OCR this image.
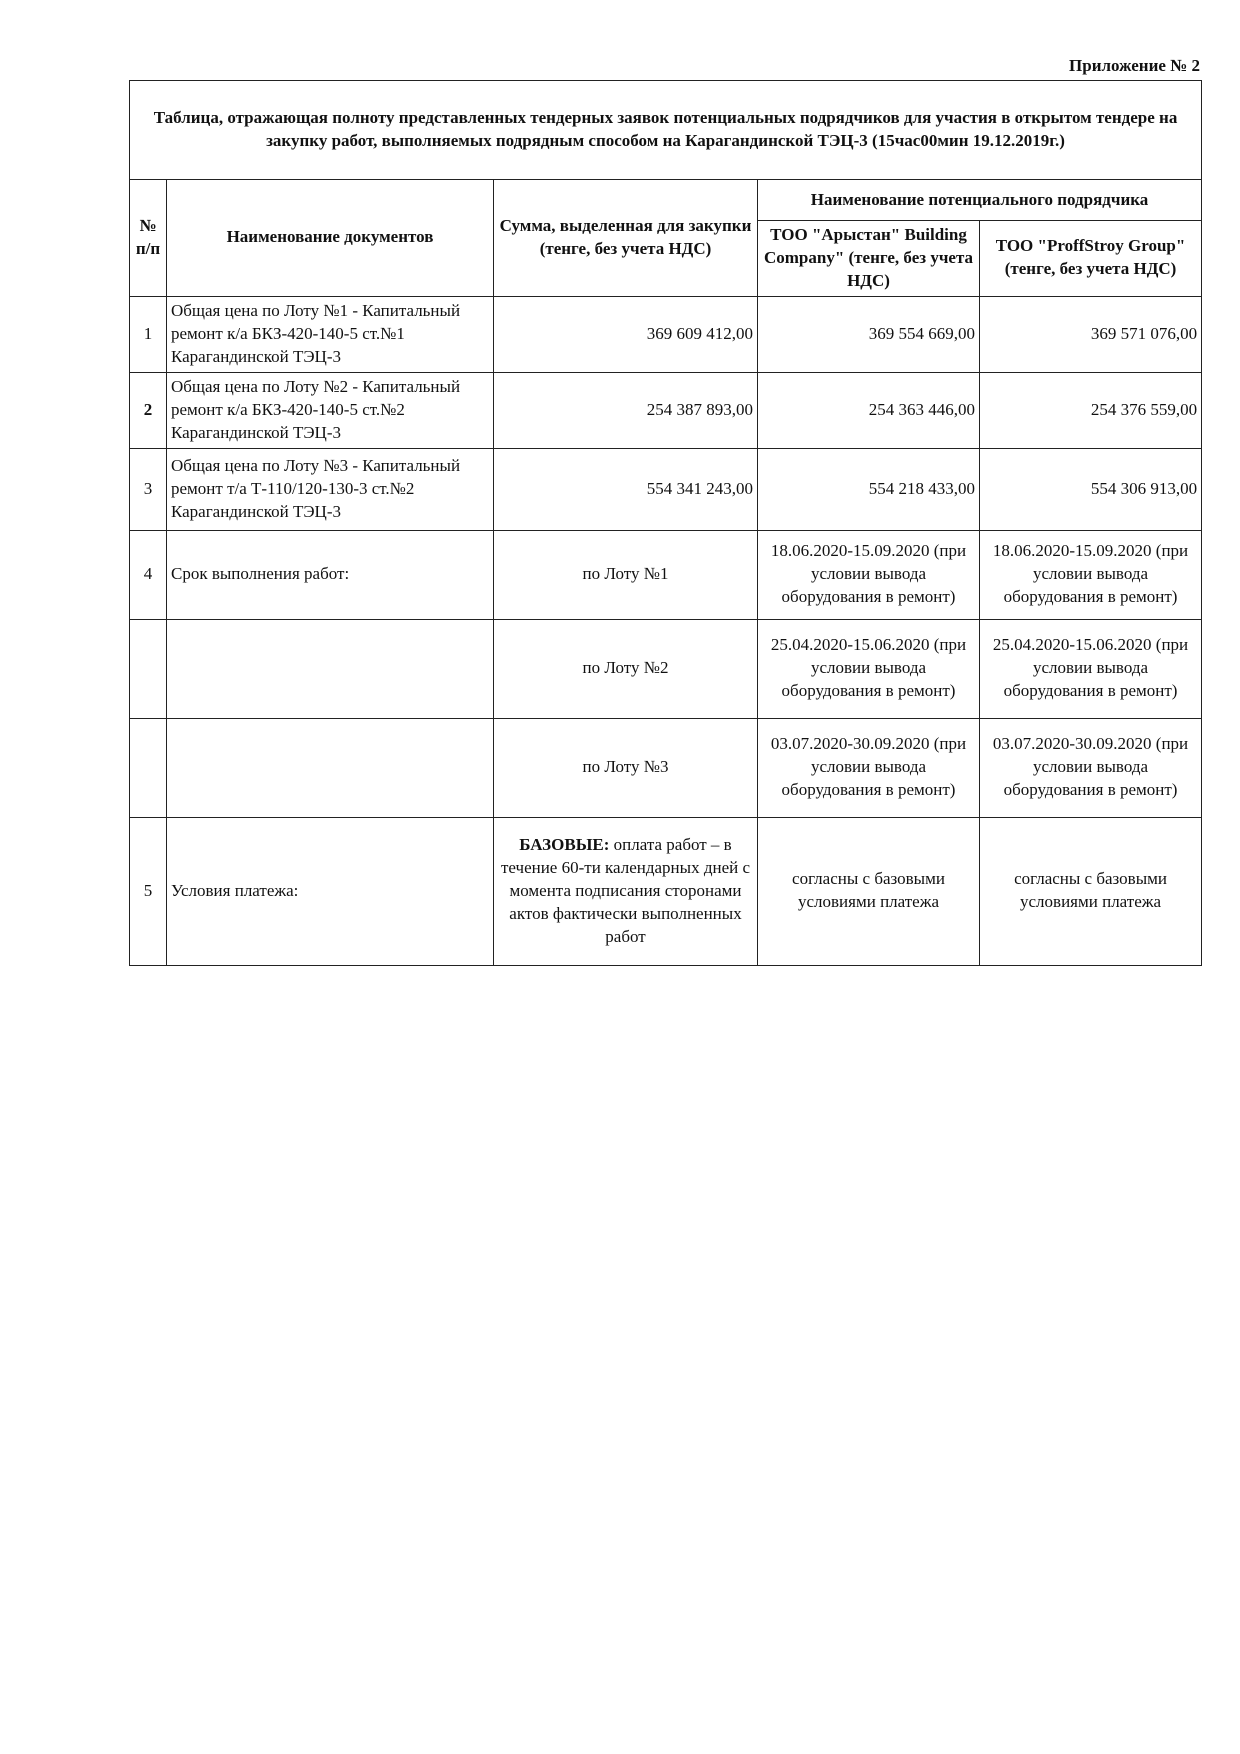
Приложение № 2
Таблица, отражающая полноту представленных тендерных заявок потенциальных подрядчиков для участия в открытом тендере на закупку работ, выполняемых подрядным способом на Карагандинской ТЭЦ-3 (15час00мин 19.12.2019г.)				
№ п/п	Наименование документов	Сумма, выделенная для закупки (тенге, без учета НДС)	Наименование потенциального подрядчика	
			ТОО "Арыстан" Building Company" (тенге, без учета НДС)	ТОО "ProffStroy Group" (тенге, без учета НДС)
1	Общая цена по Лоту №1 - Капитальный ремонт к/а БКЗ-420-140-5 ст.№1 Карагандинской ТЭЦ-3	369 609 412,00	369 554 669,00	369 571 076,00
2	Общая цена по Лоту №2 - Капитальный ремонт к/а БКЗ-420-140-5 ст.№2 Карагандинской ТЭЦ-3	254 387 893,00	254 363 446,00	254 376 559,00
3	Общая цена по Лоту №3 - Капитальный ремонт т/а Т-110/120-130-3 ст.№2 Карагандинской ТЭЦ-3	554 341 243,00	554 218 433,00	554 306 913,00
4	Срок выполнения работ:	по Лоту №1	18.06.2020-15.09.2020 (при условии вывода оборудования в ремонт)	18.06.2020-15.09.2020 (при условии вывода оборудования в ремонт)
		по Лоту №2	25.04.2020-15.06.2020 (при условии вывода оборудования в ремонт)	25.04.2020-15.06.2020 (при условии вывода оборудования в ремонт)
		по Лоту №3	03.07.2020-30.09.2020 (при условии вывода оборудования в ремонт)	03.07.2020-30.09.2020 (при условии вывода оборудования в ремонт)
5	Условия платежа:	БАЗОВЫЕ: оплата работ – в течение 60-ти календарных дней с момента подписания сторонами актов фактически выполненных работ	согласны с базовыми условиями платежа	согласны с базовыми условиями платежа
